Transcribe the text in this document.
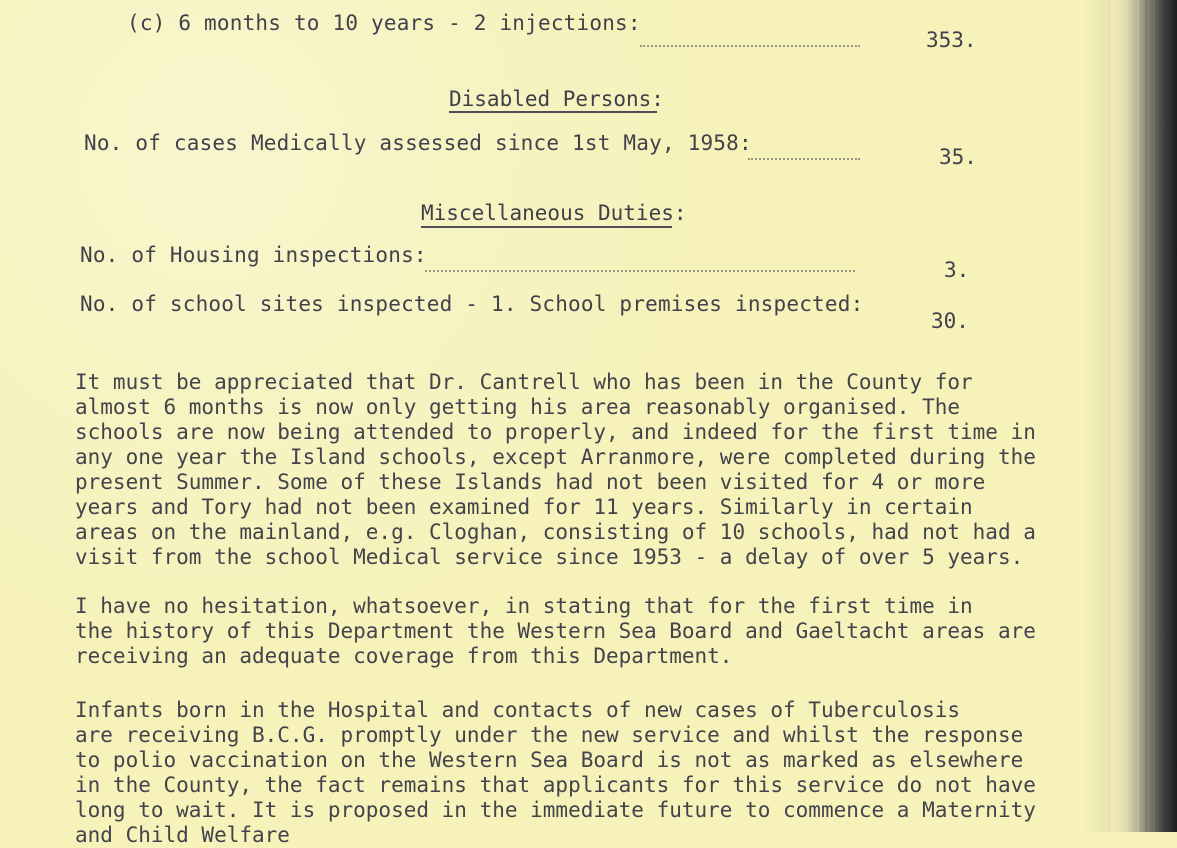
(c) 6 months to 10 years - 2 injections:
353.
Disabled Persons:
No. of cases Medically assessed since 1st May, 1958:
35.
Miscellaneous Duties:
No. of Housing inspections:
3.
No. of school sites inspected - 1. School premises inspected:
30.
It must be appreciated that Dr. Cantrell who has been in the County for
almost 6 months is now only getting his area reasonably organised. The
schools are now being attended to properly, and indeed for the first time in
any one year the Island schools, except Arranmore, were completed during the
present Summer. Some of these Islands had not been visited for 4 or more
years and Tory had not been examined for 11 years. Similarly in certain
areas on the mainland, e.g. Cloghan, consisting of 10 schools, had not had a
visit from the school Medical service since 1953 - a delay of over 5 years.
I have no hesitation, whatsoever, in stating that for the first time in
the history of this Department the Western Sea Board and Gaeltacht areas are
receiving an adequate coverage from this Department.
Infants born in the Hospital and contacts of new cases of Tuberculosis
are receiving B.C.G. promptly under the new service and whilst the response
to polio vaccination on the Western Sea Board is not as marked as elsewhere
in the County, the fact remains that applicants for this service do not have
long to wait. It is proposed in the immediate future to commence a Maternity
and Child Welfare
